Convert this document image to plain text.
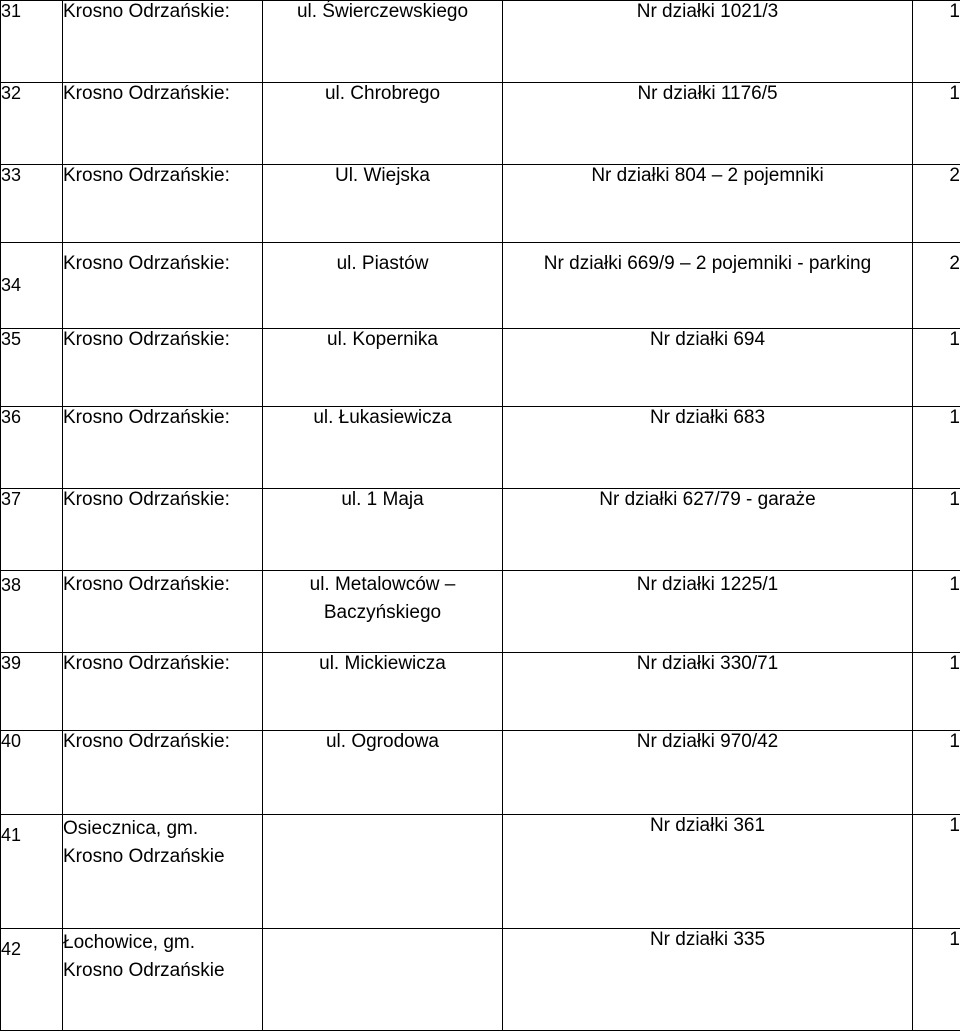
31	Krosno Odrzańskie:	ul. Świerczewskiego	Nr działki 1021/3	1
32	Krosno Odrzańskie:	ul. Chrobrego	Nr działki 1176/5	1
33	Krosno Odrzańskie:	Ul. Wiejska	Nr działki 804 – 2 pojemniki	2
34	Krosno Odrzańskie:	ul. Piastów	Nr działki 669/9 – 2 pojemniki - parking	2
35	Krosno Odrzańskie:	ul. Kopernika	Nr działki 694	1
36	Krosno Odrzańskie:	ul. Łukasiewicza	Nr działki 683	1
37	Krosno Odrzańskie:	ul. 1 Maja	Nr działki 627/79 - garaże	1
38	Krosno Odrzańskie:	ul. Metalowców –
Baczyńskiego	Nr działki 1225/1	1
39	Krosno Odrzańskie:	ul. Mickiewicza	Nr działki 330/71	1
40	Krosno Odrzańskie:	ul. Ogrodowa	Nr działki 970/42	1
41	Osiecznica, gm.
Krosno Odrzańskie		Nr działki 361	1
42	Łochowice, gm.
Krosno Odrzańskie		Nr działki 335	1
